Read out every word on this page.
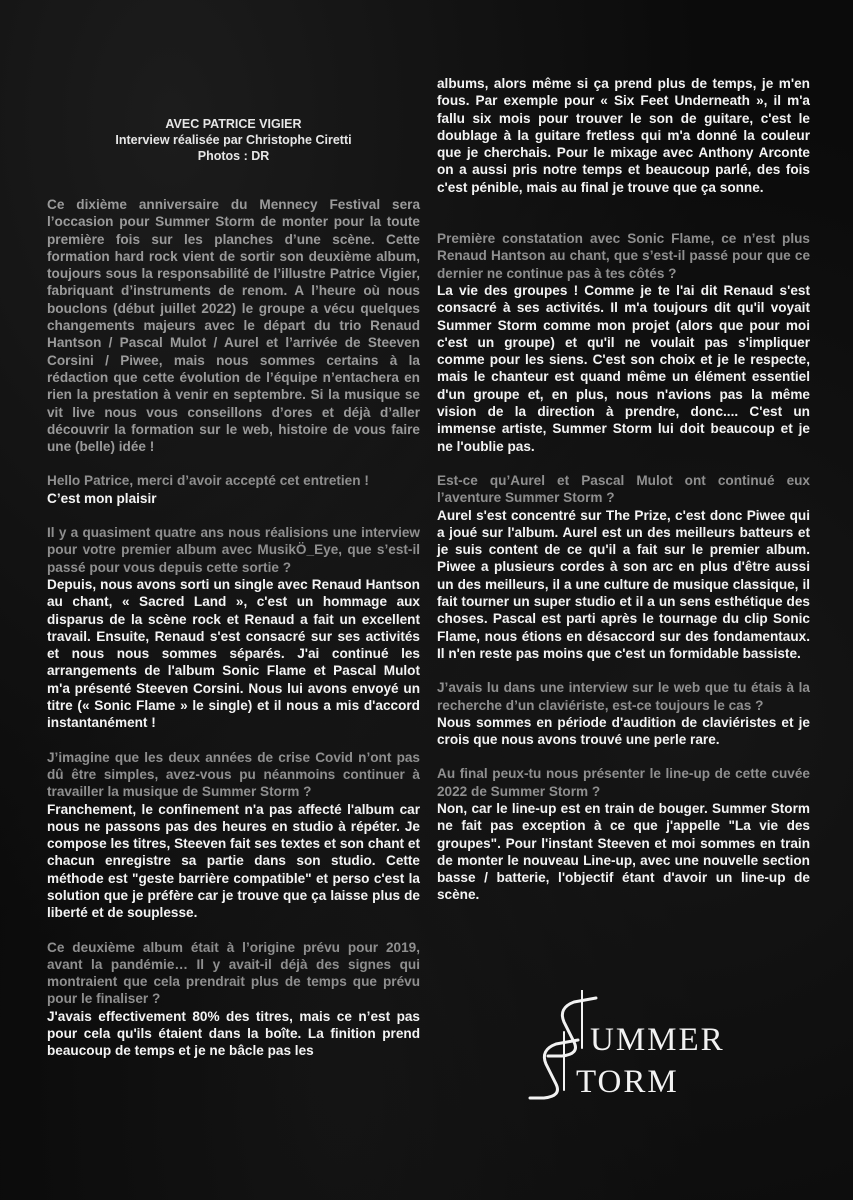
AVEC PATRICE VIGIER
Interview réalisée par Christophe Ciretti
Photos : DR

Ce dixième anniversaire du Mennecy Festival sera l’occasion pour Summer Storm de monter pour la toute première fois sur les planches d’une scène. Cette formation hard rock vient de sortir son deuxième album, toujours sous la responsabilité de l’illustre Patrice Vigier, fabriquant d’instruments de renom. A l’heure où nous bouclons (début juillet 2022) le groupe a vécu quelques changements majeurs avec le départ du trio Renaud Hantson / Pascal Mulot / Aurel et l’arrivée de Steeven Corsini / Piwee, mais nous sommes certains à la rédaction que cette évolution de l’équipe n’entachera en rien la prestation à venir en septembre. Si la musique se vit live nous vous conseillons d’ores et déjà d’aller découvrir la formation sur le web, histoire de vous faire une (belle) idée !

Hello Patrice, merci d’avoir accepté cet entretien !

C’est mon plaisir

Il y a quasiment quatre ans nous réalisions une interview pour votre premier album avec MusikÖ_Eye, que s’est-il passé pour vous depuis cette sortie ?

Depuis, nous avons sorti un single avec Renaud Hantson au chant, « Sacred Land », c'est un hommage aux disparus de la scène rock et Renaud a fait un excellent travail. Ensuite, Renaud s'est consacré sur ses activités et nous nous sommes séparés. J'ai continué les arrangements de l'album Sonic Flame et Pascal Mulot m'a présenté Steeven Corsini. Nous lui avons envoyé un titre (« Sonic Flame » le single) et il nous a mis d'accord instantanément !

J’imagine que les deux années de crise Covid n’ont pas dû être simples, avez-vous pu néanmoins continuer à travailler la musique de Summer Storm ?

Franchement, le confinement n'a pas affecté l'album car nous ne passons pas des heures en studio à répéter. Je compose les titres, Steeven fait ses textes et son chant et chacun enregistre sa partie dans son studio. Cette méthode est "geste barrière compatible" et perso c'est la solution que je préfère car je trouve que ça laisse plus de liberté et de souplesse.

Ce deuxième album était à l’origine prévu pour 2019, avant la pandémie… Il y avait-il déjà des signes qui montraient que cela prendrait plus de temps que prévu pour le finaliser ?

J'avais effectivement 80% des titres, mais ce n’est pas pour cela qu'ils étaient dans la boîte. La finition prend beaucoup de temps et je ne bâcle pas les

albums, alors même si ça prend plus de temps, je m'en fous. Par exemple pour « Six Feet Underneath », il m'a fallu six mois pour trouver le son de guitare, c'est le doublage à la guitare fretless qui m'a donné la couleur que je cherchais. Pour le mixage avec Anthony Arconte on a aussi pris notre temps et beaucoup parlé, des fois c'est pénible, mais au final je trouve que ça sonne.

Première constatation avec Sonic Flame, ce n’est plus Renaud Hantson au chant, que s’est-il passé pour que ce dernier ne continue pas à tes côtés ?

La vie des groupes ! Comme je te l'ai dit Renaud s'est consacré à ses activités. Il m'a toujours dit qu'il voyait Summer Storm comme mon projet (alors que pour moi c'est un groupe) et qu'il ne voulait pas s'impliquer comme pour les siens. C'est son choix et je le respecte, mais le chanteur est quand même un élément essentiel d'un groupe et, en plus, nous n'avions pas la même vision de la direction à prendre, donc.... C'est un immense artiste, Summer Storm lui doit beaucoup et je ne l'oublie pas.

Est-ce qu’Aurel et Pascal Mulot ont continué eux l’aventure Summer Storm ?

Aurel s'est concentré sur The Prize, c'est donc Piwee qui a joué sur l'album. Aurel est un des meilleurs batteurs et je suis content de ce qu'il a fait sur le premier album. Piwee a plusieurs cordes à son arc en plus d'être aussi un des meilleurs, il a une culture de musique classique, il fait tourner un super studio et il a un sens esthétique des choses. Pascal est parti après le tournage du clip Sonic Flame, nous étions en désaccord sur des fondamentaux. Il n'en reste pas moins que c'est un formidable bassiste.

J’avais lu dans une interview sur le web que tu étais à la recherche d’un claviériste, est-ce toujours le cas ?

Nous sommes en période d'audition de claviéristes et je crois que nous avons trouvé une perle rare.

Au final peux-tu nous présenter le line-up de cette cuvée 2022 de Summer Storm ?

Non, car le line-up est en train de bouger. Summer Storm ne fait pas exception à ce que j'appelle "La vie des groupes". Pour l'instant Steeven et moi sommes en train de monter le nouveau Line-up, avec une nouvelle section basse / batterie, l'objectif étant d'avoir un line-up de scène.

UMMER
TORM
